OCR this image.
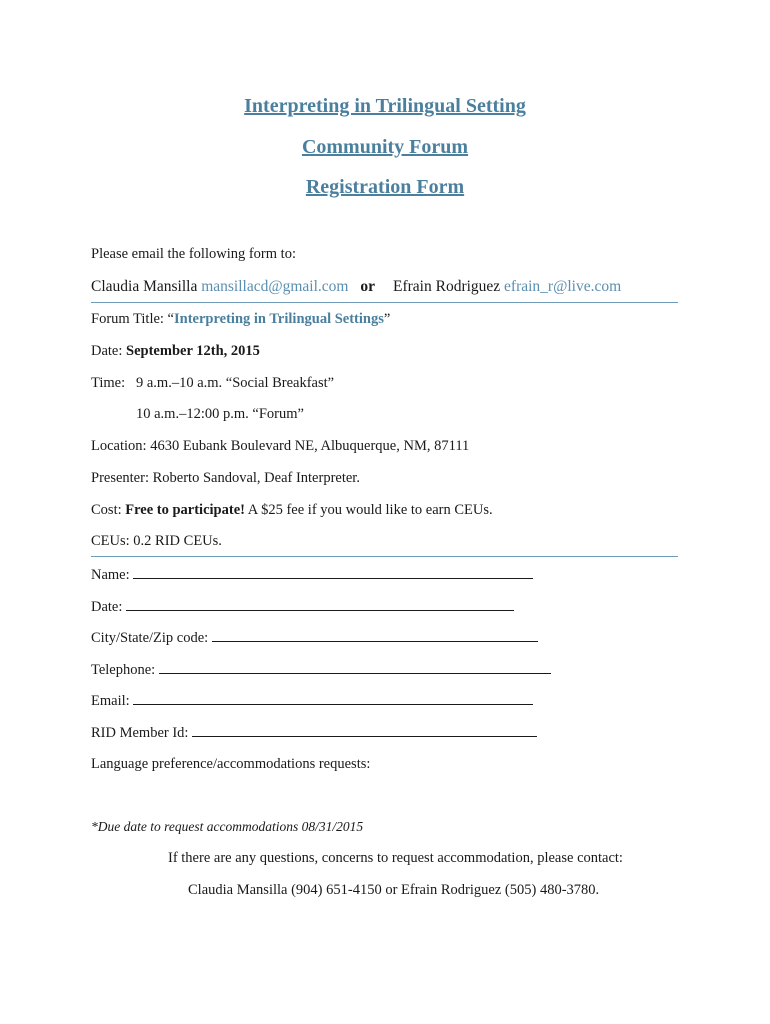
Interpreting in Trilingual Setting
Community Forum
Registration Form
Please email the following form to:
Claudia Mansilla mansillacd@gmail.com or Efrain Rodriguez efrain_r@live.com
Forum Title: “Interpreting in Trilingual Settings”
Date: September 12th, 2015
Time: 9 a.m.–10 a.m. “Social Breakfast”
10 a.m.–12:00 p.m. “Forum”
Location: 4630 Eubank Boulevard NE, Albuquerque, NM, 87111
Presenter: Roberto Sandoval, Deaf Interpreter.
Cost: Free to participate! A $25 fee if you would like to earn CEUs.
CEUs: 0.2 RID CEUs.
Name:
Date:
City/State/Zip code:
Telephone:
Email:
RID Member Id:
Language preference/accommodations requests:
*Due date to request accommodations 08/31/2015
If there are any questions, concerns to request accommodation, please contact:
Claudia Mansilla (904) 651-4150 or Efrain Rodriguez (505) 480-3780.
